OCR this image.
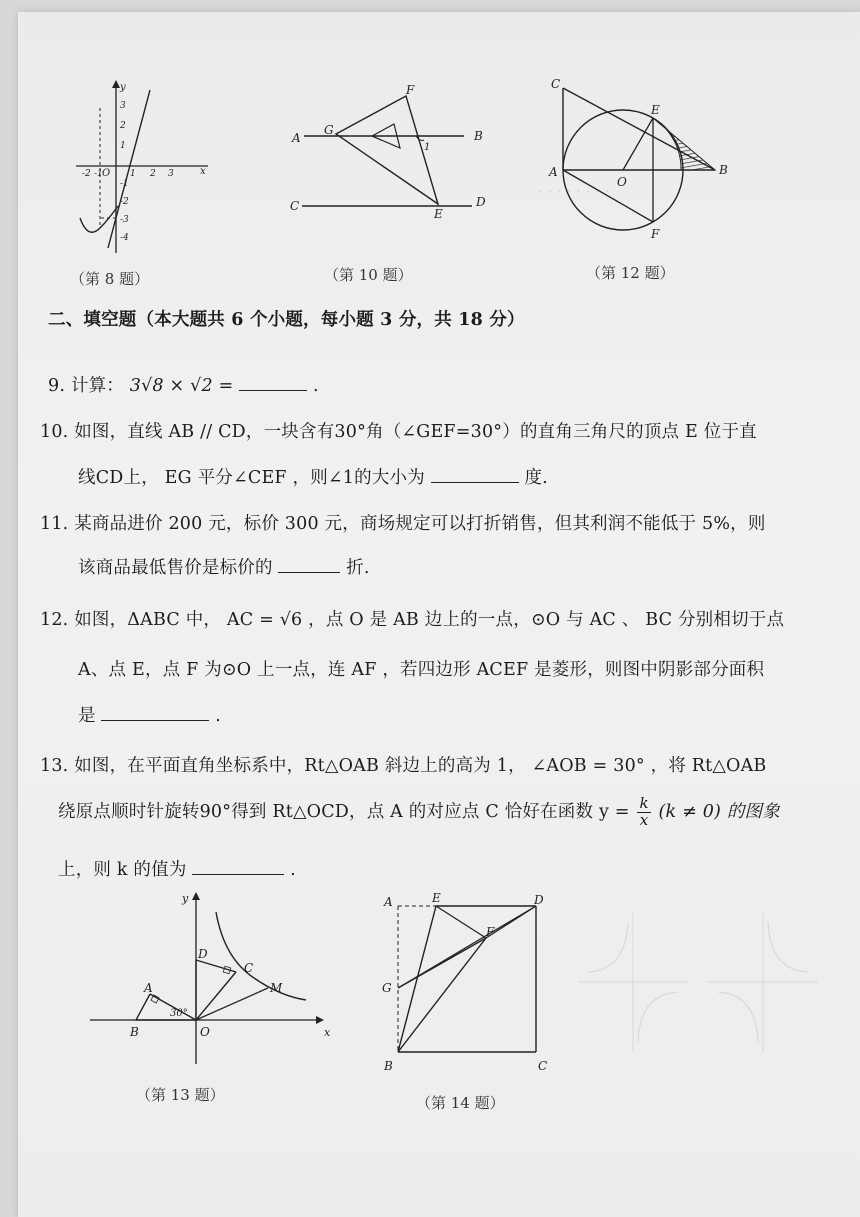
y
x
O
-2 -1	1 2 3
3
2
1
-1
-2
-3
-4
（第 8 题）
A	B
C	D
E
F
G
1
（第 10 题）
C
A	B
E
F
O
（第 12 题）
· · · · · · · ·
二、填空题（本大题共 6 个小题，每小题 3 分，共 18 分）
9. 计算： 3√8 × √2 =	.
10. 如图，直线 AB // CD，一块含有30°角（∠GEF=30°）的直角三角尺的顶点 E 位于直
线CD上， EG 平分∠CEF ，则∠1的大小为	度.
11. 某商品进价 200 元，标价 300 元，商场规定可以打折销售，但其利润不能低于 5%，则
该商品最低售价是标价的	折.
12. 如图，ΔABC 中， AC = √6 ，点 O 是 AB 边上的一点，⊙O 与 AC 、 BC 分别相切于点
A、点 E，点 F 为⊙O 上一点，连 AF ，若四边形 ACEF 是菱形，则图中阴影部分面积
是	.
13. 如图，在平面直角坐标系中，Rt△OAB 斜边上的高为 1， ∠AOB = 30° ，将 Rt△OAB
绕原点顺时针旋转90°得到 Rt△OCD，点 A 的对应点 C 恰好在函数 $y = \frac{k}{x} (k \ne 0)$ 的图象
上，则 k 的值为	.
A
B
C
D
M
O	x
y
30°
（第 13 题）
A
B	C
D
E
F
G
（第 14 题）
